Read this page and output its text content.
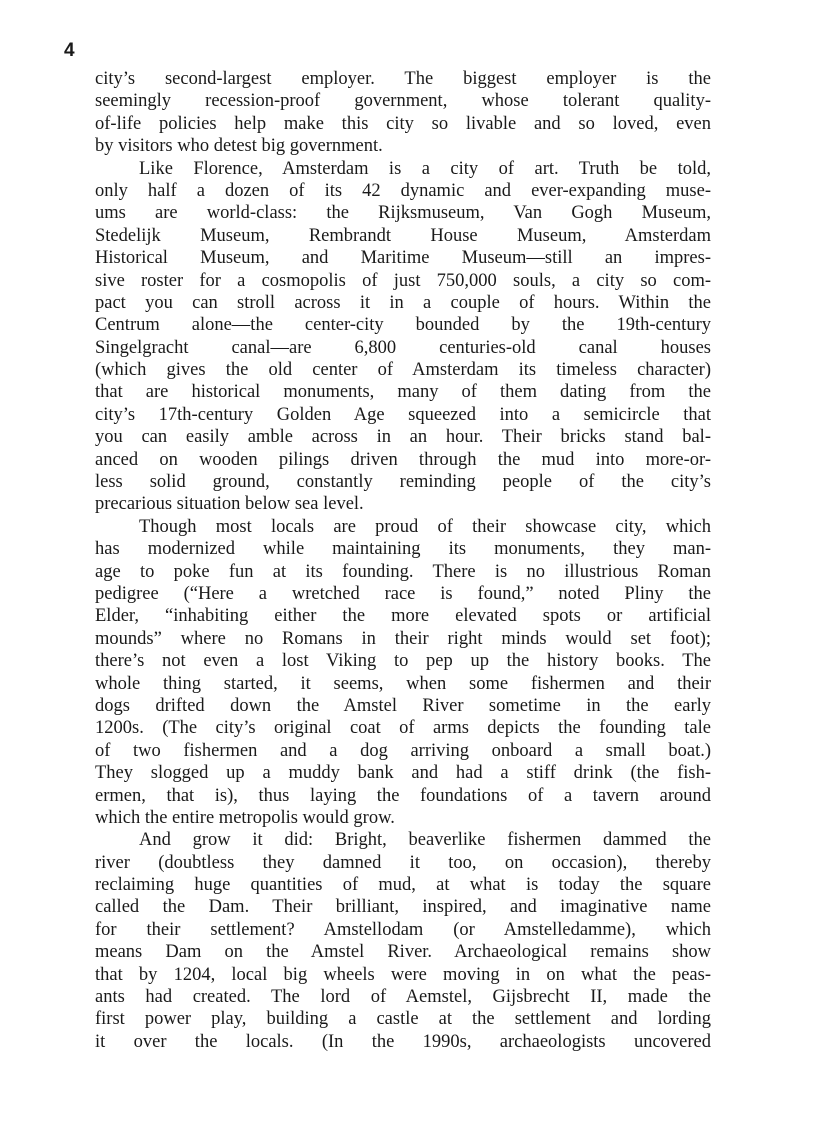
4
city’s second-largest employer. The biggest employer is the
seemingly recession-proof government, whose tolerant quality-
of-life policies help make this city so livable and so loved, even
by visitors who detest big government.
Like Florence, Amsterdam is a city of art. Truth be told,
only half a dozen of its 42 dynamic and ever-expanding muse-
ums are world-class: the Rijksmuseum, Van Gogh Museum,
Stedelijk Museum, Rembrandt House Museum, Amsterdam
Historical Museum, and Maritime Museum—still an impres-
sive roster for a cosmopolis of just 750,000 souls, a city so com-
pact you can stroll across it in a couple of hours. Within the
Centrum alone—the center-city bounded by the 19th-century
Singelgracht canal—are 6,800 centuries-old canal houses
(which gives the old center of Amsterdam its timeless character)
that are historical monuments, many of them dating from the
city’s 17th-century Golden Age squeezed into a semicircle that
you can easily amble across in an hour. Their bricks stand bal-
anced on wooden pilings driven through the mud into more-or-
less solid ground, constantly reminding people of the city’s
precarious situation below sea level.
Though most locals are proud of their showcase city, which
has modernized while maintaining its monuments, they man-
age to poke fun at its founding. There is no illustrious Roman
pedigree (“Here a wretched race is found,” noted Pliny the
Elder, “inhabiting either the more elevated spots or artificial
mounds” where no Romans in their right minds would set foot);
there’s not even a lost Viking to pep up the history books. The
whole thing started, it seems, when some fishermen and their
dogs drifted down the Amstel River sometime in the early
1200s. (The city’s original coat of arms depicts the founding tale
of two fishermen and a dog arriving onboard a small boat.)
They slogged up a muddy bank and had a stiff drink (the fish-
ermen, that is), thus laying the foundations of a tavern around
which the entire metropolis would grow.
And grow it did: Bright, beaverlike fishermen dammed the
river (doubtless they damned it too, on occasion), thereby
reclaiming huge quantities of mud, at what is today the square
called the Dam. Their brilliant, inspired, and imaginative name
for their settlement? Amstellodam (or Amstelledamme), which
means Dam on the Amstel River. Archaeological remains show
that by 1204, local big wheels were moving in on what the peas-
ants had created. The lord of Aemstel, Gijsbrecht II, made the
first power play, building a castle at the settlement and lording
it over the locals. (In the 1990s, archaeologists uncovered
